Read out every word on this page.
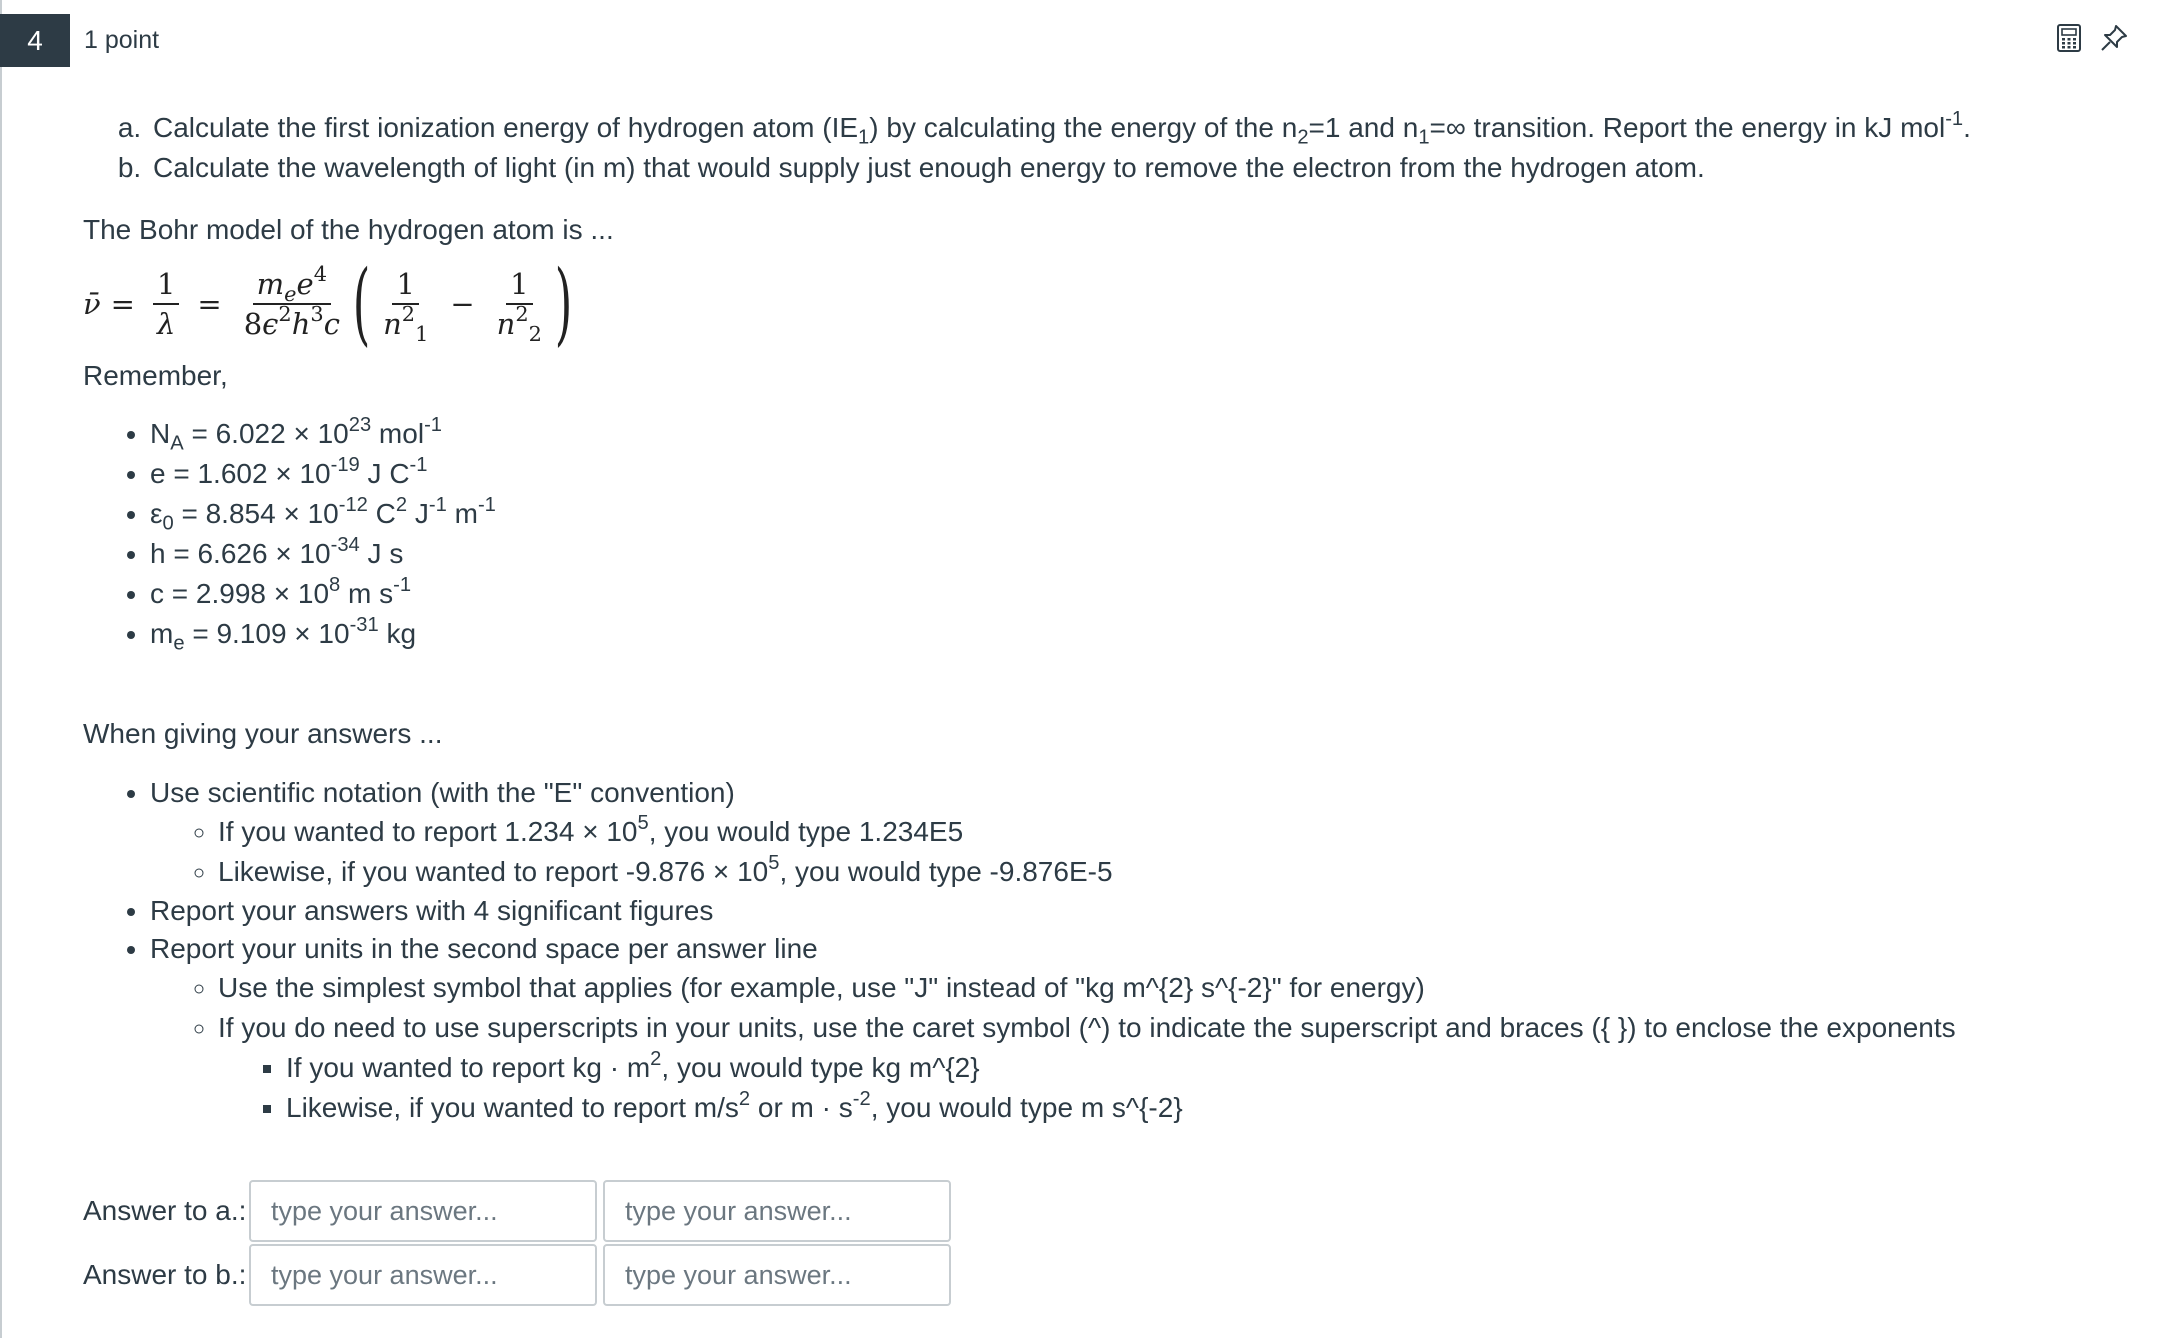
4	1 point
a. Calculate the first ionization energy of hydrogen atom $(IE_1)$ by calculating the energy of the $n_2=1$ and $n_1=\infty$ transition. Report the energy in kJ mol$^{-1}$.
b. Calculate the wavelength of light (in m) that would supply just enough energy to remove the electron from the hydrogen atom.

The Bohr model of the hydrogen atom is ...

ν̄ = $\frac{1}{\lambda} = \frac{m_ee^4}{8\epsilon^2h^3c}$ ( $\frac{1}{n^2_1} - \frac{1}{n^2_2}$ )

Remember,

• $N_A = 6.022 \times 10^{23}$ mol$^{-1}$
• $e = 1.602 \times 10^{-19}$ J $C^{-1}$
• $\varepsilon_0 = 8.854 \times 10^{-12}$ $C^2$ $J^{-1}$ $m^{-1}$
• $h = 6.626 \times 10^{-34}$ J s
• $c = 2.998 \times 10^8$ m $s^{-1}$
• $m_e = 9.109 \times 10^{-31}$ kg

When giving your answers ...

• Use scientific notation (with the "E" convention)
◦ If you wanted to report $1.234 \times 10^5$, you would type 1.234E5
◦ Likewise, if you wanted to report $-9.876 \times 10^5$, you would type -9.876E-5
• Report your answers with 4 significant figures
• Report your units in the second space per answer line
◦ Use the simplest symbol that applies (for example, use "J" instead of "kg m^{2} s^{-2}" for energy)
◦ If you do need to use superscripts in your units, use the caret symbol (^) to indicate the superscript and braces ({ }) to enclose the exponents
▪ If you wanted to report kg · $m^2$, you would type kg m^{2}
▪ Likewise, if you wanted to report $m/s^2$ or $m \cdot s^{-2}$, you would type m s^{-2}
Answer to a.:
type your answer...
type your answer...
Answer to b.:
type your answer...
type your answer...
